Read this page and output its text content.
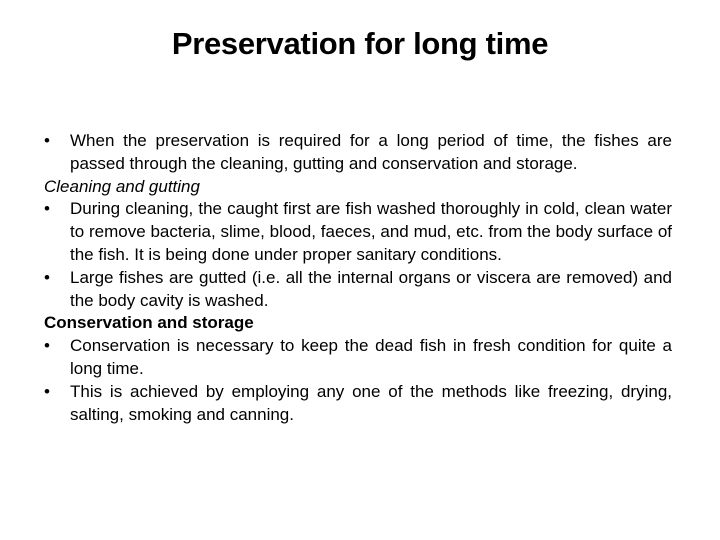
Preservation for long time
• When the preservation is required for a long period of time, the fishes are passed through the cleaning, gutting and conservation and storage.
Cleaning and gutting
• During cleaning, the caught first are fish washed thoroughly in cold, clean water to remove bacteria, slime, blood, faeces, and mud, etc. from the body surface of the fish. It is being done under proper sanitary conditions.
• Large fishes are gutted (i.e. all the internal organs or viscera are removed) and the body cavity is washed.
Conservation and storage
• Conservation is necessary to keep the dead fish in fresh condition for quite a long time.
• This is achieved by employing any one of the methods like freezing, drying, salting, smoking and canning.
